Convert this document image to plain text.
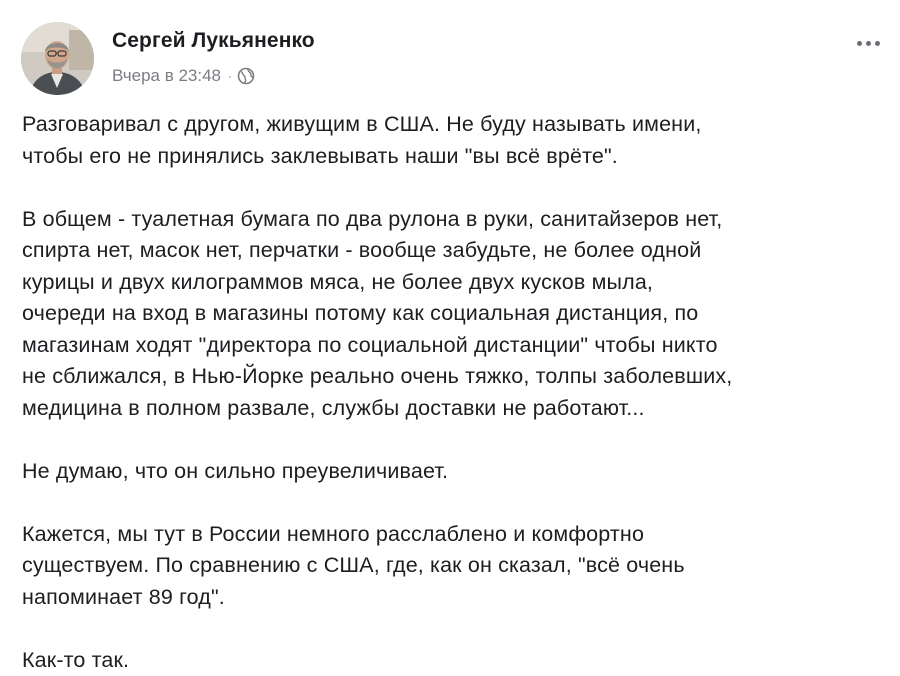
Сергей Лукьяненко
Вчера в 23:48 ·

Разговаривал с другом, живущим в США. Не буду называть имени,
чтобы его не принялись заклевывать наши "вы всё врёте".

В общем - туалетная бумага по два рулона в руки, санитайзеров нет,
спирта нет, масок нет, перчатки - вообще забудьте, не более одной
курицы и двух килограммов мяса, не более двух кусков мыла,
очереди на вход в магазины потому как социальная дистанция, по
магазинам ходят "директора по социальной дистанции" чтобы никто
не сближался, в Нью-Йорке реально очень тяжко, толпы заболевших,
медицина в полном развале, службы доставки не работают...

Не думаю, что он сильно преувеличивает.

Кажется, мы тут в России немного расслаблено и комфортно
существуем. По сравнению с США, где, как он сказал, "всё очень
напоминает 89 год".

Как-то так.
